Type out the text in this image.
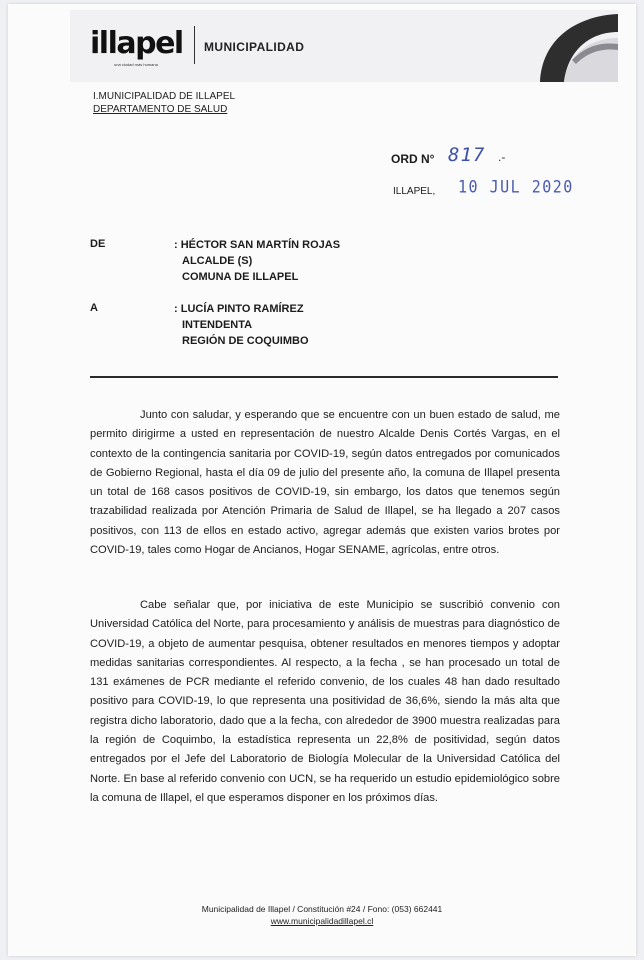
illapel
una ciudad más humana
MUNICIPALIDAD
I.MUNICIPALIDAD DE ILLAPEL
DEPARTAMENTO DE SALUD
ORD N° 817 .-
ILLAPEL, 10 JUL 2020
DE	: HÉCTOR SAN MARTÍN ROJAS
ALCALDE (S)
COMUNA DE ILLAPEL
A	: LUCÍA PINTO RAMÍREZ
INTENDENTA
REGIÓN DE COQUIMBO

Junto con saludar, y esperando que se encuentre con un buen estado de salud, me permito dirigirme a usted en representación de nuestro Alcalde Denis Cortés Vargas, en el contexto de la contingencia sanitaria por COVID-19, según datos entregados por comunicados de Gobierno Regional, hasta el día 09 de julio del presente año, la comuna de Illapel presenta un total de 168 casos positivos de COVID-19, sin embargo, los datos que tenemos según trazabilidad realizada por Atención Primaria de Salud de Illapel, se ha llegado a 207 casos positivos, con 113 de ellos en estado activo, agregar además que existen varios brotes por COVID-19, tales como Hogar de Ancianos, Hogar SENAME, agrícolas, entre otros.

Cabe señalar que, por iniciativa de este Municipio se suscribió convenio con Universidad Católica del Norte, para procesamiento y análisis de muestras para diagnóstico de COVID-19, a objeto de aumentar pesquisa, obtener resultados en menores tiempos y adoptar medidas sanitarias correspondientes. Al respecto, a la fecha , se han procesado un total de 131 exámenes de PCR mediante el referido convenio, de los cuales 48 han dado resultado positivo para COVID-19, lo que representa una positividad de 36,6%, siendo la más alta que registra dicho laboratorio, dado que a la fecha, con alrededor de 3900 muestra realizadas para la región de Coquimbo, la estadística representa un 22,8% de positividad, según datos entregados por el Jefe del Laboratorio de Biología Molecular de la Universidad Católica del Norte. En base al referido convenio con UCN, se ha requerido un estudio epidemiológico sobre la comuna de Illapel, el que esperamos disponer en los próximos días.

Municipalidad de Illapel / Constitución #24 / Fono: (053) 662441
www.municipalidadillapel.cl
